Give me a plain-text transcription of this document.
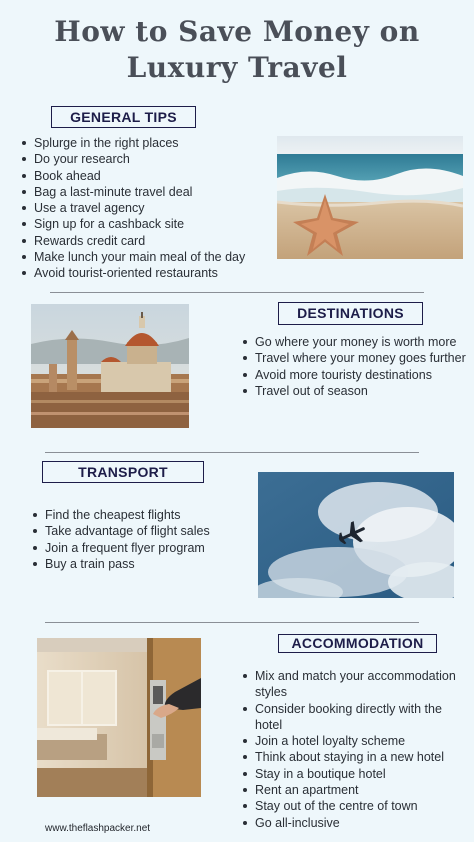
How to Save Money on
Luxury Travel
GENERAL TIPS
Splurge in the right places
Do your research
Book ahead
Bag a last-minute travel deal
Use a travel agency
Sign up for a cashback site
Rewards credit card
Make lunch your main meal of the day
Avoid tourist-oriented restaurants
DESTINATIONS
Go where your money is worth more
Travel where your money goes further
Avoid more touristy destinations
Travel out of season
TRANSPORT
Find the cheapest flights
Take advantage of flight sales
Join a frequent flyer program
Buy a train pass
ACCOMMODATION
Mix and match your accommodation styles
Consider booking directly with the hotel
Join a hotel loyalty scheme
Think about staying in a new hotel
Stay in a boutique hotel
Rent an apartment
Stay out of the centre of town
Go all-inclusive
www.theflashpacker.net
